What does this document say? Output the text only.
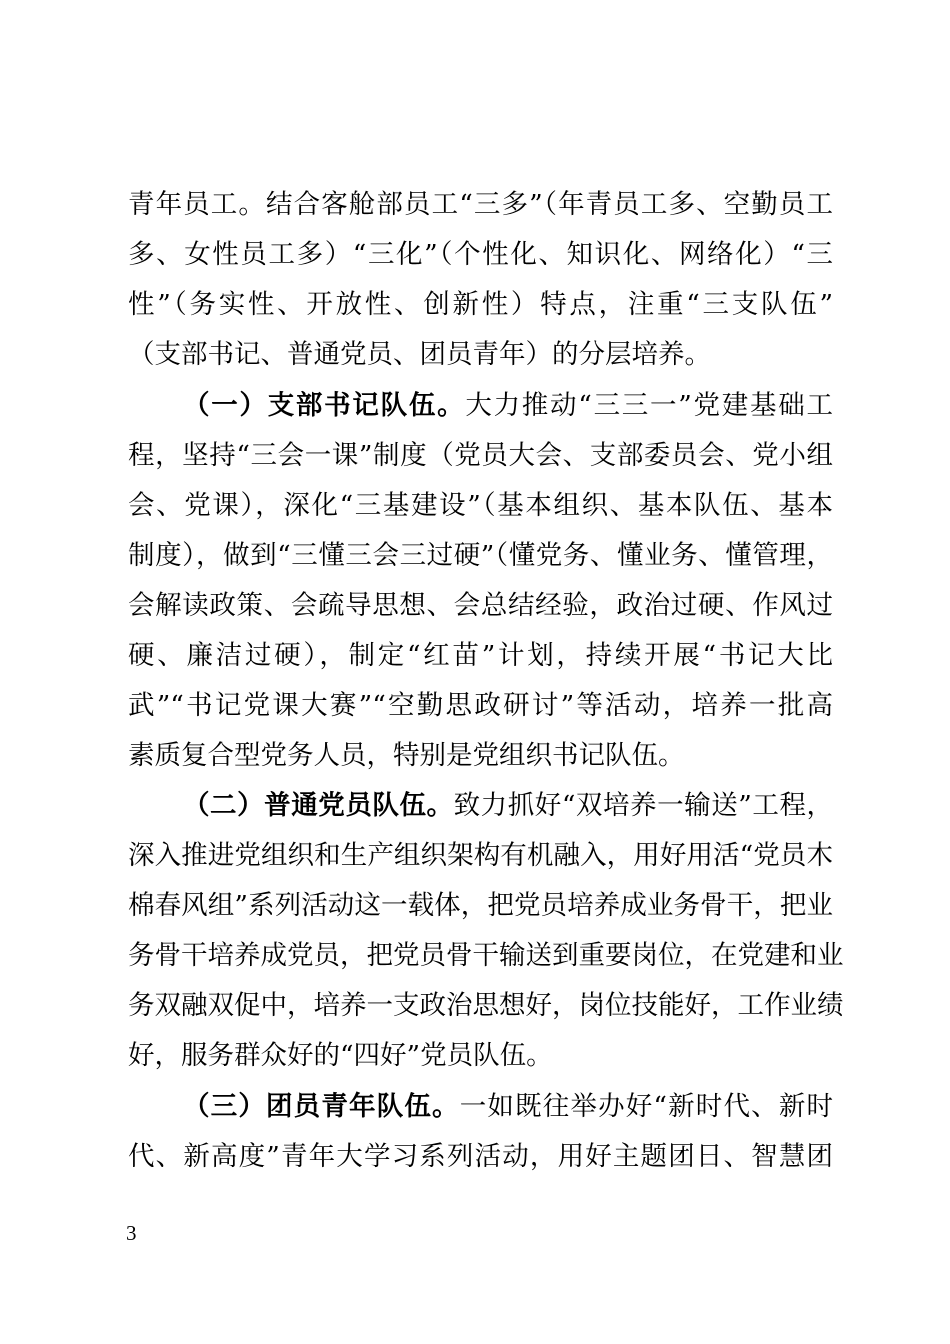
青年员工。结合客舱部员工“三多”（年青员工多、空勤员工
多、女性员工多）“三化”（个性化、知识化、网络化）“三
性”（务实性、开放性、创新性）特点，注重“三支队伍”
（支部书记、普通党员、团员青年）的分层培养。
（一）支部书记队伍。大力推动“三三一”党建基础工
程，坚持“三会一课”制度（党员大会、支部委员会、党小组
会、党课），深化“三基建设”（基本组织、基本队伍、基本
制度），做到“三懂三会三过硬”（懂党务、懂业务、懂管理，
会解读政策、会疏导思想、会总结经验，政治过硬、作风过
硬、廉洁过硬），制定“红苗”计划，持续开展“书记大比
武”“书记党课大赛”“空勤思政研讨”等活动，培养一批高
素质复合型党务人员，特别是党组织书记队伍。
（二）普通党员队伍。致力抓好“双培养一输送”工程，
深入推进党组织和生产组织架构有机融入，用好用活“党员木
棉春风组”系列活动这一载体，把党员培养成业务骨干，把业
务骨干培养成党员，把党员骨干输送到重要岗位，在党建和业
务双融双促中，培养一支政治思想好，岗位技能好，工作业绩
好，服务群众好的“四好”党员队伍。
（三）团员青年队伍。一如既往举办好“新时代、新时
代、新高度”青年大学习系列活动，用好主题团日、智慧团
3
